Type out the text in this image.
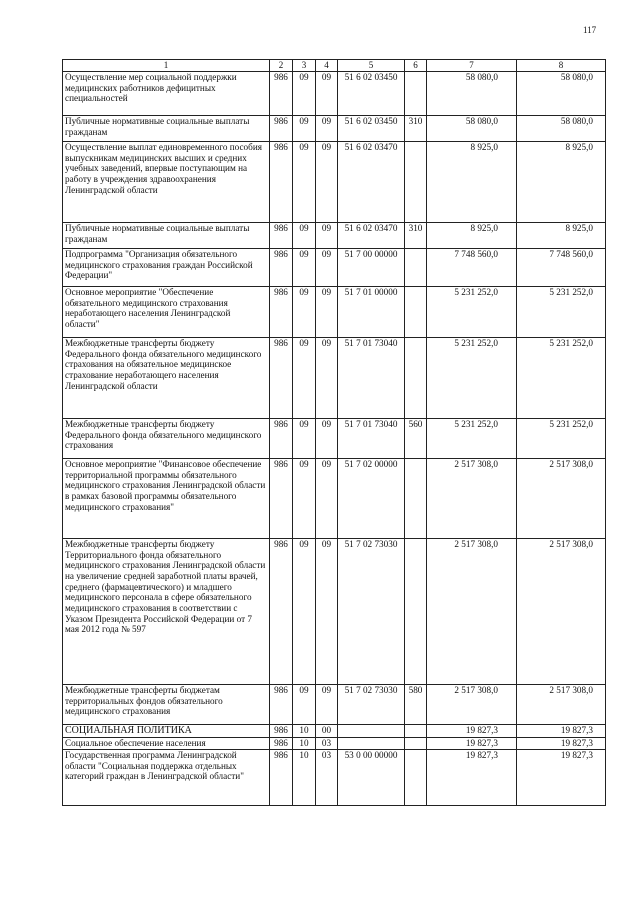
117
1	2	3	4	5	6	7	8
Осуществление мер социальной поддержки медицинских работников дефицитных специальностей	986	09	09	51 6 02 03450		58 080,0	58 080,0
Публичные нормативные социальные выплаты гражданам	986	09	09	51 6 02 03450	310	58 080,0	58 080,0
Осуществление выплат единовременного пособия выпускникам медицинских высших и средних учебных заведений, впервые поступающим на работу в учреждения здравоохранения Ленинградской области	986	09	09	51 6 02 03470		8 925,0	8 925,0
Публичные нормативные социальные выплаты гражданам	986	09	09	51 6 02 03470	310	8 925,0	8 925,0
Подпрограмма "Организация обязательного медицинского страхования граждан Российской Федерации"	986	09	09	51 7 00 00000		7 748 560,0	7 748 560,0
Основное мероприятие "Обеспечение обязательного медицинского страхования неработающего населения Ленинградской области"	986	09	09	51 7 01 00000		5 231 252,0	5 231 252,0
Межбюджетные трансферты бюджету Федерального фонда обязательного медицинского страхования на обязательное медицинское страхование неработающего населения Ленинградской области	986	09	09	51 7 01 73040		5 231 252,0	5 231 252,0
Межбюджетные трансферты бюджету Федерального фонда обязательного медицинского страхования	986	09	09	51 7 01 73040	560	5 231 252,0	5 231 252,0
Основное мероприятие "Финансовое обеспечение территориальной программы обязательного медицинского страхования Ленинградской области в рамках базовой программы обязательного медицинского страхования"	986	09	09	51 7 02 00000		2 517 308,0	2 517 308,0
Межбюджетные трансферты бюджету Территориального фонда обязательного медицинского страхования Ленинградской области на увеличение средней заработной платы врачей, среднего (фармацевтического) и младшего медицинского персонала в сфере обязательного медицинского страхования в соответствии с Указом Президента Российской Федерации от 7 мая 2012 года № 597	986	09	09	51 7 02 73030		2 517 308,0	2 517 308,0
Межбюджетные трансферты бюджетам территориальных фондов обязательного медицинского страхования	986	09	09	51 7 02 73030	580	2 517 308,0	2 517 308,0
СОЦИАЛЬНАЯ ПОЛИТИКА	986	10	00			19 827,3	19 827,3
Социальное обеспечение населения	986	10	03			19 827,3	19 827,3
Государственная программа Ленинградской области "Социальная поддержка отдельных категорий граждан в Ленинградской области"	986	10	03	53 0 00 00000		19 827,3	19 827,3
